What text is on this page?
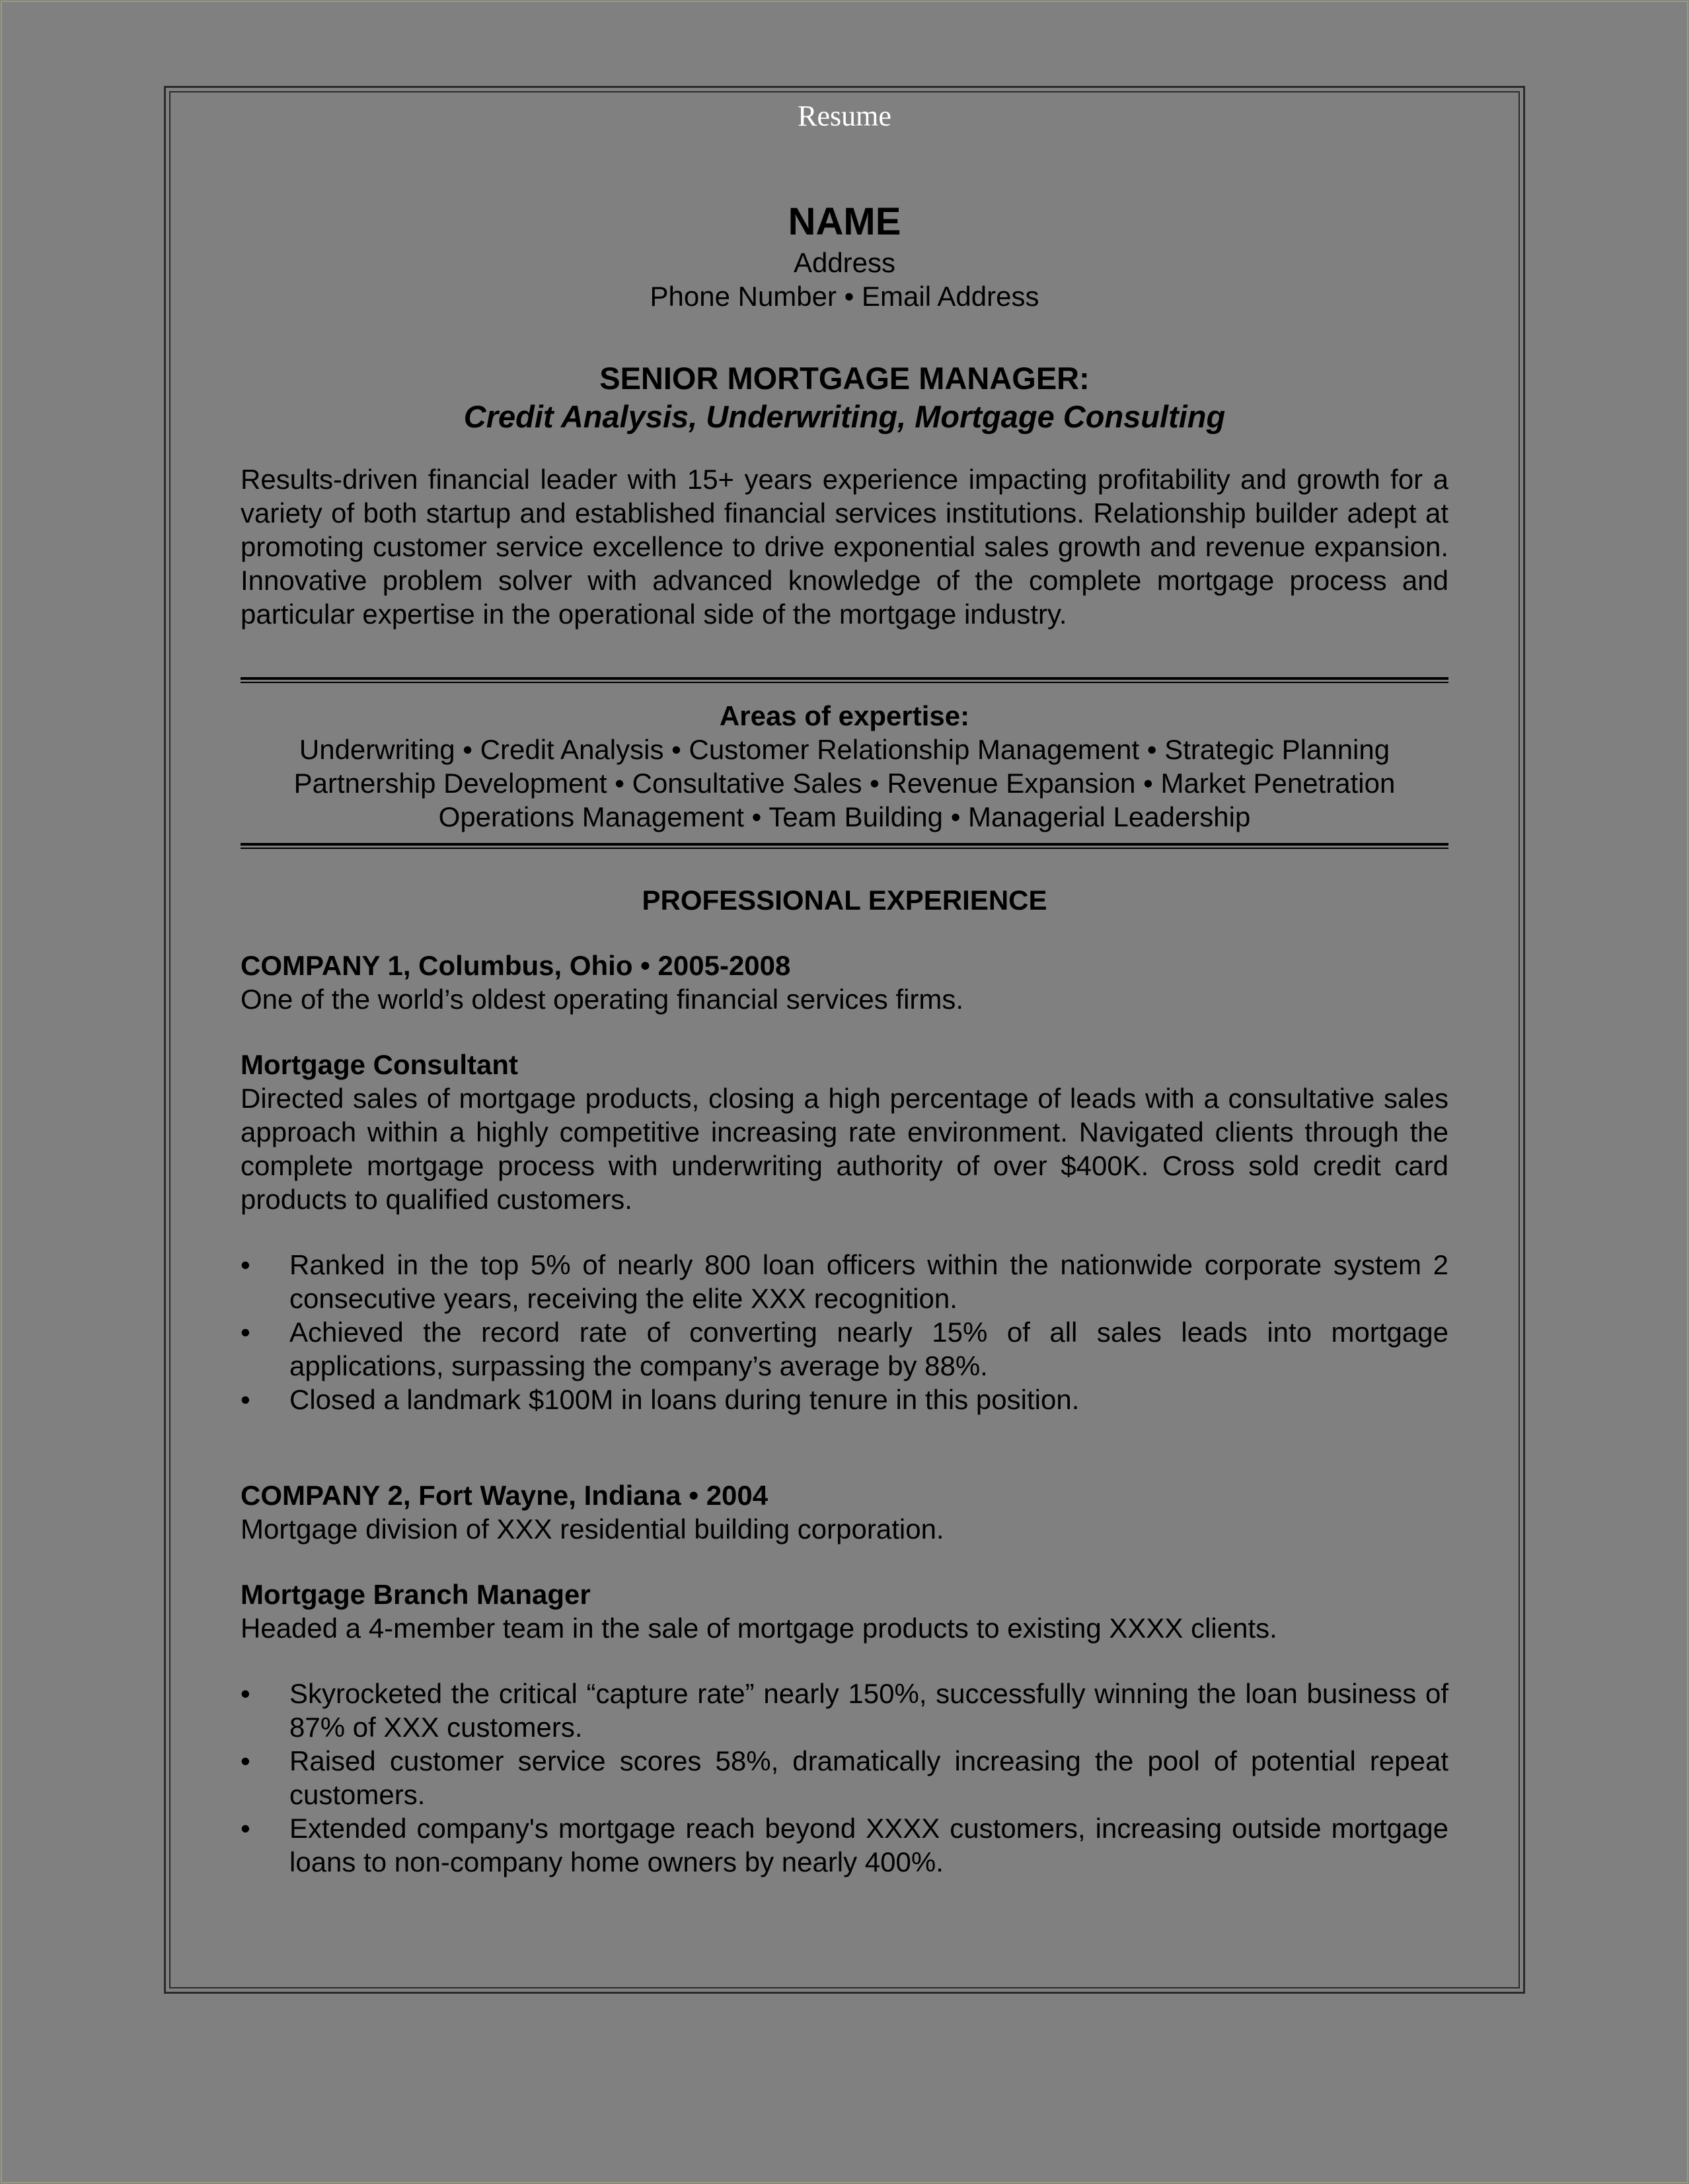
Resume
NAME
Address
Phone Number • Email Address
SENIOR MORTGAGE MANAGER:
Credit Analysis, Underwriting, Mortgage Consulting
Results-driven financial leader with 15+ years experience impacting profitability and growth for a variety of both startup and established financial services institutions. Relationship builder adept at promoting customer service excellence to drive exponential sales growth and revenue expansion. Innovative problem solver with advanced knowledge of the complete mortgage process and particular expertise in the operational side of the mortgage industry.
Areas of expertise:
Underwriting • Credit Analysis • Customer Relationship Management • Strategic Planning
Partnership Development • Consultative Sales • Revenue Expansion • Market Penetration
Operations Management • Team Building • Managerial Leadership
PROFESSIONAL EXPERIENCE
COMPANY 1, Columbus, Ohio • 2005-2008
One of the world’s oldest operating financial services firms.
Mortgage Consultant
Directed sales of mortgage products, closing a high percentage of leads with a consultative sales approach within a highly competitive increasing rate environment. Navigated clients through the complete mortgage process with underwriting authority of over $400K. Cross sold credit card products to qualified customers.
•	Ranked in the top 5% of nearly 800 loan officers within the nationwide corporate system 2 consecutive years, receiving the elite XXX recognition.
•	Achieved the record rate of converting nearly 15% of all sales leads into mortgage applications, surpassing the company’s average by 88%.
•	Closed a landmark $100M in loans during tenure in this position.
COMPANY 2, Fort Wayne, Indiana • 2004
Mortgage division of XXX residential building corporation.
Mortgage Branch Manager
Headed a 4-member team in the sale of mortgage products to existing XXXX clients.
•	Skyrocketed the critical “capture rate” nearly 150%, successfully winning the loan business of 87% of XXX customers.
•	Raised customer service scores 58%, dramatically increasing the pool of potential repeat customers.
•	Extended company's mortgage reach beyond XXXX customers, increasing outside mortgage loans to non-company home owners by nearly 400%.
